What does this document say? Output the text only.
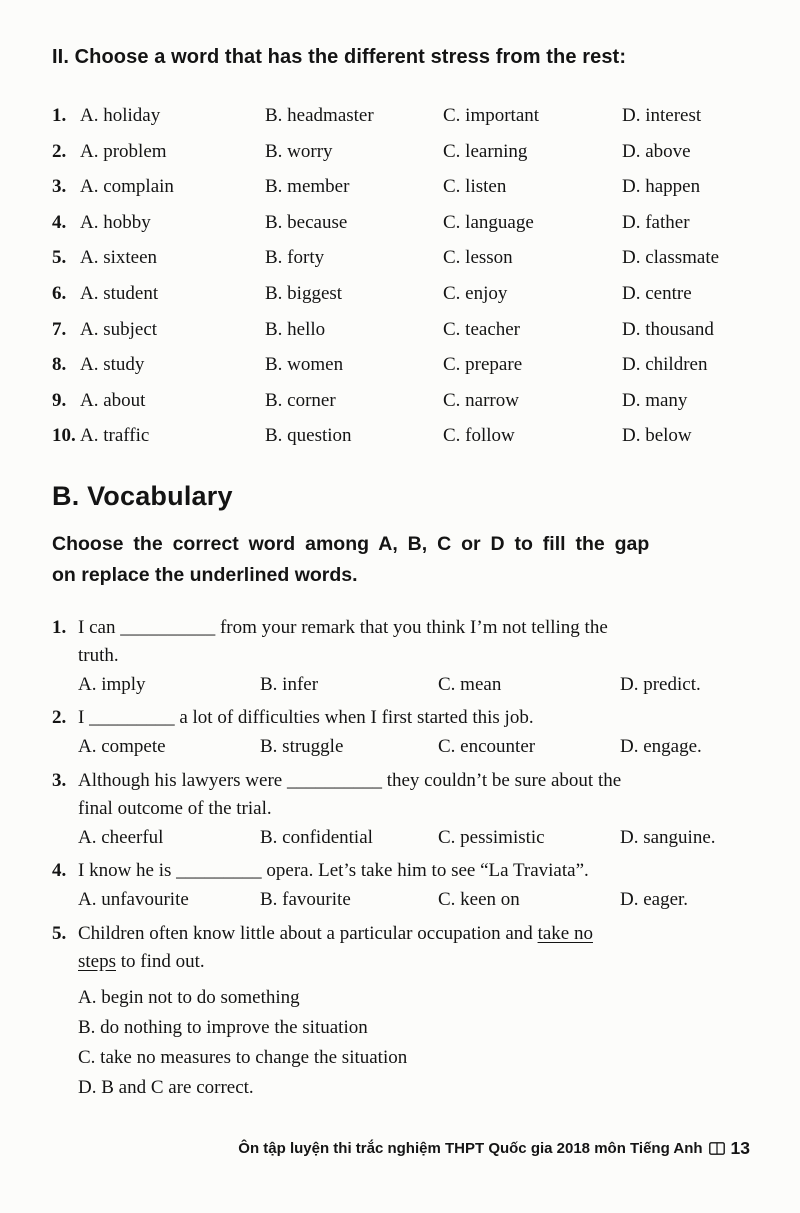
II. Choose a word that has the different stress from the rest:
1. A. holiday	B. headmaster	C. important	D. interest
2. A. problem	B. worry	C. learning	D. above
3. A. complain	B. member	C. listen	D. happen
4. A. hobby	B. because	C. language	D. father
5. A. sixteen	B. forty	C. lesson	D. classmate
6. A. student	B. biggest	C. enjoy	D. centre
7. A. subject	B. hello	C. teacher	D. thousand
8. A. study	B. women	C. prepare	D. children
9. A. about	B. corner	C. narrow	D. many
10. A. traffic	B. question	C. follow	D. below
B. Vocabulary
Choose the correct word among A, B, C or D to fill the gap
on replace the underlined words.
1. I can __________ from your remark that you think I’m not telling the
truth.
A. imply	B. infer	C. mean	D. predict.
2. I _________ a lot of difficulties when I first started this job.
A. compete	B. struggle	C. encounter	D. engage.
3. Although his lawyers were __________ they couldn’t be sure about the
final outcome of the trial.
A. cheerful	B. confidential	C. pessimistic	D. sanguine.
4. I know he is _________ opera. Let’s take him to see “La Traviata”.
A. unfavourite	B. favourite	C. keen on	D. eager.
5. Children often know little about a particular occupation and take no
steps to find out.
A. begin not to do something
B. do nothing to improve the situation
C. take no measures to change the situation
D. B and C are correct.
Ôn tập luyện thi trắc nghiệm THPT Quốc gia 2018 môn Tiếng Anh 13
